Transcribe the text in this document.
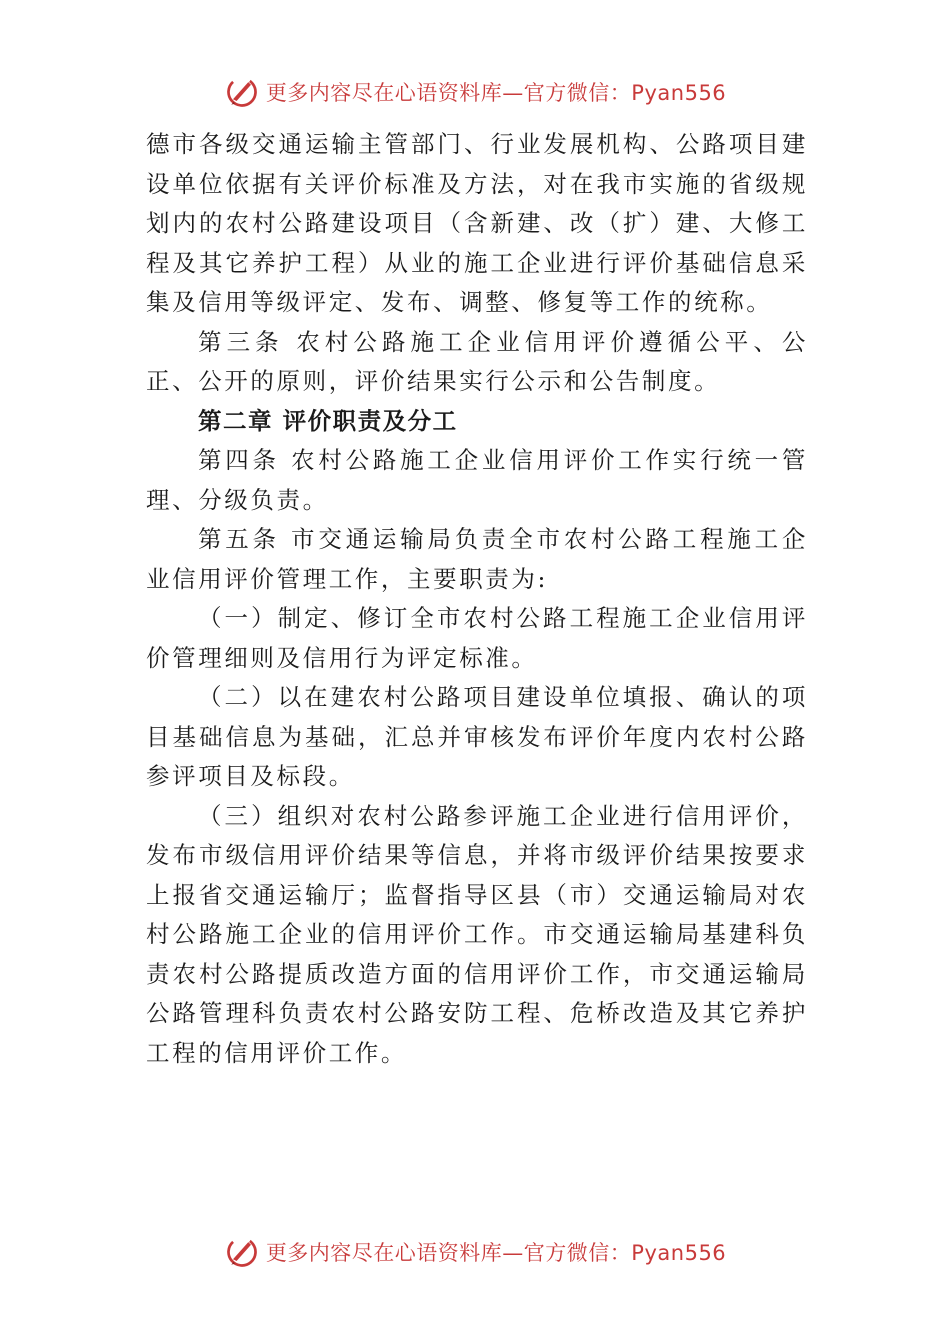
更多内容尽在心语资料库—官方微信：Pyan556

德市各级交通运输主管部门、行业发展机构、公路项目建设单位依据有关评价标准及方法，对在我市实施的省级规划内的农村公路建设项目（含新建、改（扩）建、大修工程及其它养护工程）从业的施工企业进行评价基础信息采集及信用等级评定、发布、调整、修复等工作的统称。

第三条 农村公路施工企业信用评价遵循公平、公正、公开的原则，评价结果实行公示和公告制度。

第二章 评价职责及分工

第四条 农村公路施工企业信用评价工作实行统一管理、分级负责。

第五条 市交通运输局负责全市农村公路工程施工企业信用评价管理工作，主要职责为:

（一）制定、修订全市农村公路工程施工企业信用评价管理细则及信用行为评定标准。

（二）以在建农村公路项目建设单位填报、确认的项目基础信息为基础，汇总并审核发布评价年度内农村公路参评项目及标段。

（三）组织对农村公路参评施工企业进行信用评价，发布市级信用评价结果等信息，并将市级评价结果按要求上报省交通运输厅；监督指导区县（市）交通运输局对农村公路施工企业的信用评价工作。市交通运输局基建科负责农村公路提质改造方面的信用评价工作，市交通运输局公路管理科负责农村公路安防工程、危桥改造及其它养护工程的信用评价工作。

更多内容尽在心语资料库—官方微信：Pyan556
